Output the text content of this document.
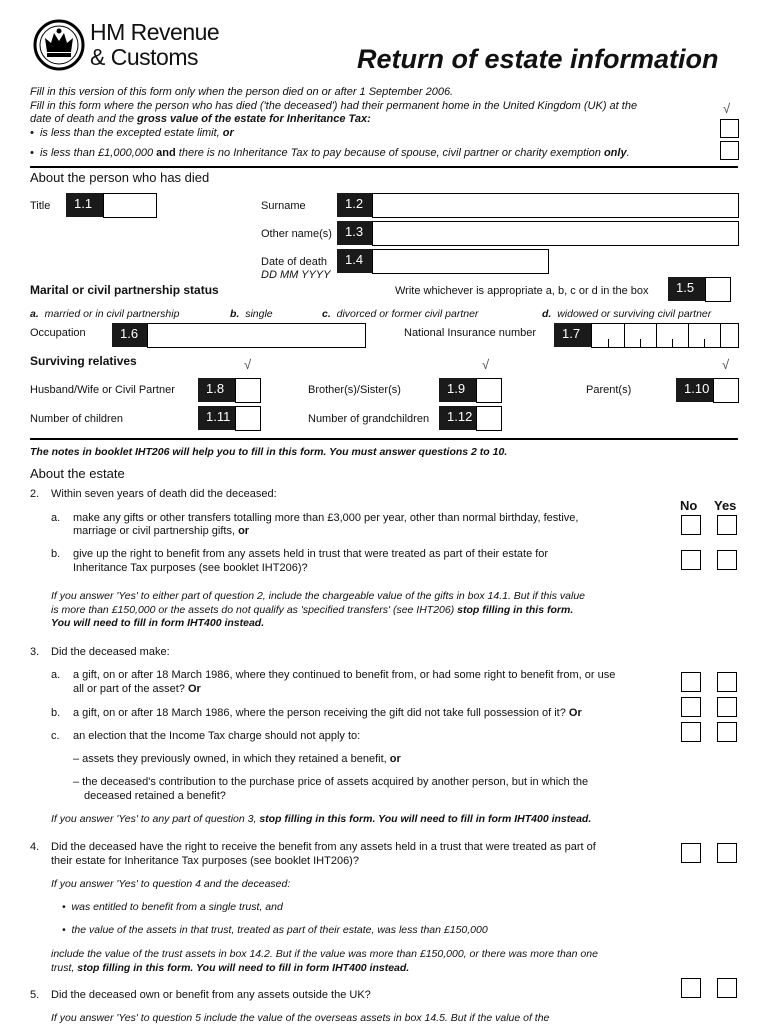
HM Revenue
& Customs	Return of estate information
Fill in this version of this form only when the person died on or after 1 September 2006.
Fill in this form where the person who has died ('the deceased') had their permanent home in the United Kingdom (UK) at the
date of death and the gross value of the estate for Inheritance Tax:
√
•  is less than the excepted estate limit, or
•  is less than £1,000,000 and there is no Inheritance Tax to pay because of spouse, civil partner or charity exemption only.
About the person who has died
Title	1.1	Surname	1.2
Other name(s)	1.3
Date of death
DD MM YYYY
1.4
Marital or civil partnership status	Write whichever is appropriate a, b, c or d in the box	1.5
a. married or in civil partnership	b. single	c. divorced or former civil partner	d. widowed or surviving civil partner
Occupation	1.6	National Insurance number	1.7
Surviving relatives	√	√	√
Husband/Wife or Civil Partner	1.8	Brother(s)/Sister(s)	1.9	Parent(s)	1.10
Number of children	1.11	Number of grandchildren	1.12
The notes in booklet IHT206 will help you to fill in this form. You must answer questions 2 to 10.
About the estate
2. Within seven years of death did the deceased:
No Yes
a. make any gifts or other transfers totalling more than £3,000 per year, other than normal birthday, festive,
marriage or civil partnership gifts, or
b. give up the right to benefit from any assets held in trust that were treated as part of their estate for
Inheritance Tax purposes (see booklet IHT206)?
If you answer 'Yes' to either part of question 2, include the chargeable value of the gifts in box 14.1. But if this value
is more than £150,000 or the assets do not qualify as 'specified transfers' (see IHT206) stop filling in this form.
You will need to fill in form IHT400 instead.
3. Did the deceased make:
a. a gift, on or after 18 March 1986, where they continued to benefit from, or had some right to benefit from, or use
all or part of the asset? Or
b. a gift, on or after 18 March 1986, where the person receiving the gift did not take full possession of it? Or
c. an election that the Income Tax charge should not apply to:
– assets they previously owned, in which they retained a benefit, or
– the deceased's contribution to the purchase price of assets acquired by another person, but in which the
deceased retained a benefit?
If you answer 'Yes' to any part of question 3, stop filling in this form. You will need to fill in form IHT400 instead.
4. Did the deceased have the right to receive the benefit from any assets held in a trust that were treated as part of
their estate for Inheritance Tax purposes (see booklet IHT206)?
If you answer 'Yes' to question 4 and the deceased:
•  was entitled to benefit from a single trust, and
•  the value of the assets in that trust, treated as part of their estate, was less than £150,000
include the value of the trust assets in box 14.2. But if the value was more than £150,000, or there was more than one
trust, stop filling in this form. You will need to fill in form IHT400 instead.
5. Did the deceased own or benefit from any assets outside the UK?
If you answer 'Yes' to question 5 include the value of the overseas assets in box 14.5. But if the value of the
